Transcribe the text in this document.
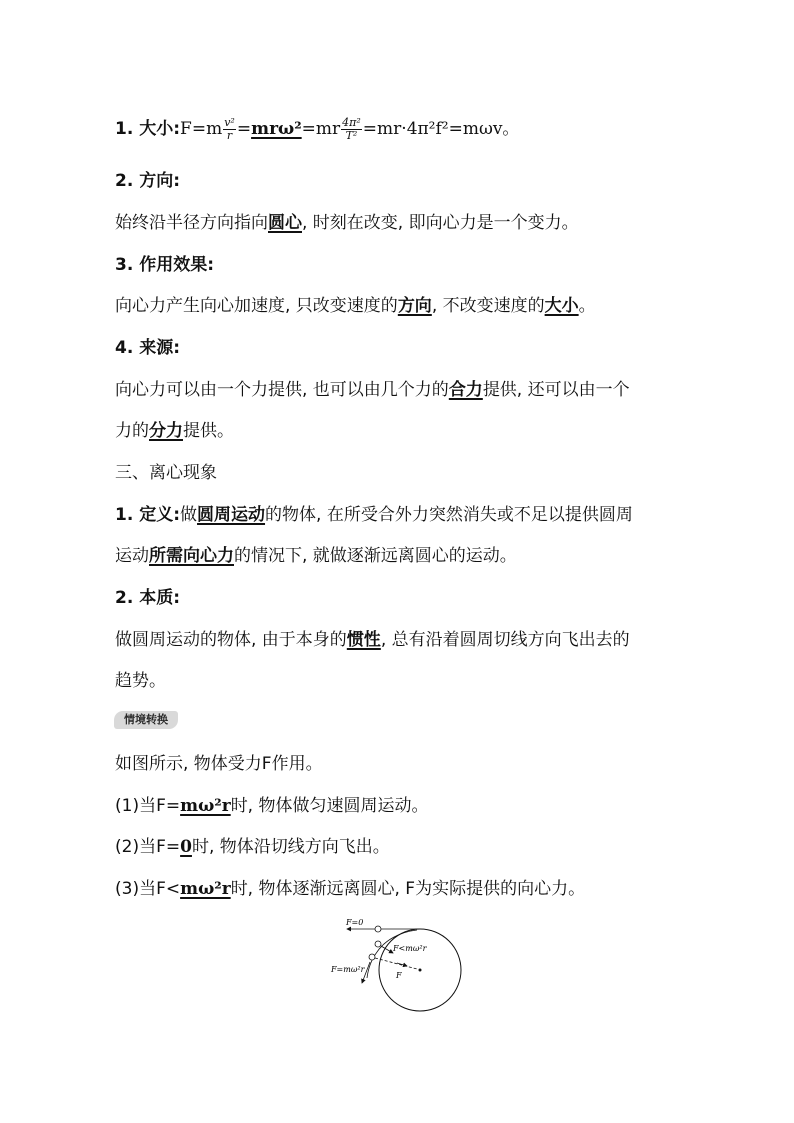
1. 大小:F=m $\frac{\text{v²}}{r} =mr\omega^2=mr \frac{\text{4π²}}{\text{T²}} =mr\cdot 4\pi^2f^2=m\omega v$。
2. 方向:
始终沿半径方向指向圆心, 时刻在改变, 即向心力是一个变力。
3. 作用效果:
向心力产生向心加速度, 只改变速度的方向, 不改变速度的大小。
4. 来源:
向心力可以由一个力提供, 也可以由几个力的合力提供, 还可以由一个
力的分力提供。
三、离心现象
1. 定义:做圆周运动的物体, 在所受合外力突然消失或不足以提供圆周
运动所需向心力的情况下, 就做逐渐远离圆心的运动。
2. 本质:
做圆周运动的物体, 由于本身的惯性, 总有沿着圆周切线方向飞出去的
趋势。
情境转换
如图所示, 物体受力F作用。
(1)当F=mω²r时, 物体做匀速圆周运动。
(2)当F=0时, 物体沿切线方向飞出。
(3)当F<mω²r时, 物体逐渐远离圆心, F为实际提供的向心力。
F=0
F<mω²r
F=mω²r
F
